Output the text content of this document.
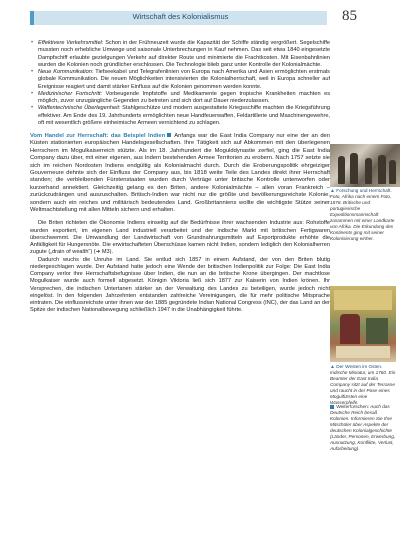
Wirtschaft des Kolonialismus	85
• Effektivere Verkehrsmittel: Schon in der Frühneuzeit wurde die Kapazität der Schiffe ständig vergrößert. Segelschiffe mussten noch erhebliche Umwege und saisonale Unterbrechungen in Kauf nehmen. Das seit etwa 1840 eingesetzte Dampfschiff erlaubte gezielgungen Verkehr auf direkter Route und minimierte die Frachtkosten. Mit Eisenbahnlinien wurden die Kolonien noch gründlicher erschlossen. Die Technologie blieb ganz unter Kontrolle der Kolonialmächte.
• Neue Kommunikation: Tiefseekabel und Telegrafenlinien von Europa nach Amerika und Asien ermöglichten erstmals globale Kommunikation. Die neuen Möglichkeiten intensivierten die Kolonialherrschaft, weil in Europa schneller auf Ereignisse reagiert und damit stärker Einfluss auf die Kolonien genommen werden konnte.
• Medizinischer Fortschritt: Vorbeugende Impfstoffe und Medikamente gegen tropische Krankheiten machten es möglich, zuvor unzugängliche Gegenden zu betreten und sich dort auf Dauer niederzulassen.
• Waffentechnische Überlegenheit: Stahlgeschütze und modern ausgestattete Kriegsschiffe machten die Kriegsführung effektiver. Am Ende des 19. Jahrhunderts ermöglichten neue Handfeuerwaffen, Feldartillerie und Maschinengewehre, oft mit wesentlich größere einheimische Armeen vernichtend zu schlagen.

Vom Handel zur Herrschaft: das Beispiel Indien Anfangs war die East India Company nur eine der an den Küsten stationierten europäischen Handelsgesellschaften. Ihre Tätigkeit sich auf Abkommen mit den überlegenen Herrschern im Mogulkaiserreich stützte. Als im 18. Jahrhundert die Mogulddynastie zerfiel, ging die East India Company dazu über, mit einer eigenen, aus Indern bestehenden Armee Territorien zu erobern. Nach 1757 setzte sie sich im reichen Nordosten Indiens endgültig als Kolonialmacht durch. Durch die Eroberungspolitik ehrgeiziger Gouverneure dehnte sich der Einfluss der Company aus, bis 1818 weite Teile des Landes direkt ihrer Herrschaft standen; die verbleibenden Fürstenstaaten wurden durch Verträge unter britische Kontrolle untenworfen oder kurzerhand annektiert. Gleichzeitig gelang es den Briten, andere Kolonialmächte – allen voran Frankreich – zurückzudrängen und auszuschalten. Britisch-Indien war nicht nur die größte und bevölkerungsreichste Kolonie, sondern auch ein reiches und militärisch bedeutendes Land. Großbritanniens wollte die wichtigste Stütze seiner Weltmachtstellung mit allen Mitteln sichern und erhalten.

Die Briten richteten die Ökonomie Indiens einseitig auf die Bedürfnisse ihrer wachsenden Industrie aus: Rohstoffe wurden exportiert, im eigenen Land industriell verarbeitet und der indische Markt mit britischen Fertigwaren überschwemmt. Die Umwandlung der Landwirtschaft von Grundnahrungsmitteln auf Exportprodukte erhöhte die Anfälligkeit für Hungersnöte. Die erwirtschafteten Überschüsse kamen nicht Indien, sondern lediglich den Kolonialherren zugute („drain of wealth“) (➜ M3).

Dadurch wuchs die Unruhe im Land. Sie entlud sich 1857 in einem Aufstand, der von den Briten blutig niedergeschlagen wurde. Der Aufstand hatte jedoch eine Wende der britischen Indienpolitik zur Folge: Die East India Company verlor ihre Herrschaftsbefugnisse über Indien, die nun an die britische Krone übergingen. Der machtlose Mogulkaiser wurde auch formell abgesetzt. Königin Viktoria ließ sich 1877 zur Kaiserin von Indien krönen. Ihr Versprechen, die indischen Untertanen stärker an der Verwaltung des Landes zu beteiligen, wurde jedoch nicht eingelöst. In den folgenden Jahrzehnten entstanden zahlreiche Vereinigungen, die für mehr politische Mitsprache eintraten. Die einflussreichste unter ihnen war der 1885 gegründete Indian National Congress (INC), der das Land an der Spitze der indischen Nationalbewegung schließlich 1947 in die Unabhängigkeit führte.

▲ Forschung und Herrschaft. Foto, Afrika nach einem Foto, 1878. Britische und portugiesische Expeditionsmannschaft zusammen mit einer Landkarte von Afrika. Die Erkundung des Kontinents ging mit seiner Kolonisierung einher.
▲ Der Westen im Osten. Indische Miniatur, um 1760. Ein Beamter der East India Company sitzt auf der Terrasse und raucht in der Pose eines Mogulfürsten eine Wasserpfeife.
Weiterforschen: Auch das Deutsche Reich besaß Kolonien. Informieren Sie Ihre Mitschüler über Aspekte der deutschen Kolonialgeschichte (Länder, Personen, Erwerbung, Ausnutzung, Konflikte, Verlust, Aufarbeitung).
